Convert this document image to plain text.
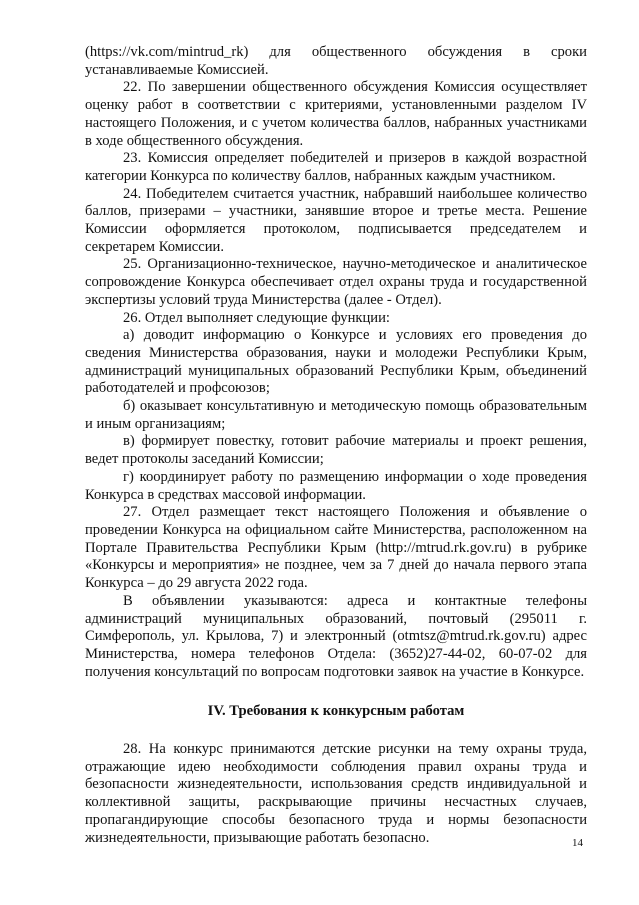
(https://vk.com/mintrud_rk) для общественного обсуждения в сроки устанавливаемые Комиссией.

22. По завершении общественного обсуждения Комиссия осуществляет оценку работ в соответствии с критериями, установленными разделом IV настоящего Положения, и с учетом количества баллов, набранных участниками в ходе общественного обсуждения.

23. Комиссия определяет победителей и призеров в каждой возрастной категории Конкурса по количеству баллов, набранных каждым участником.

24. Победителем считается участник, набравший наибольшее количество баллов, призерами – участники, занявшие второе и третье места. Решение Комиссии оформляется протоколом, подписывается председателем и секретарем Комиссии.

25. Организационно-техническое, научно-методическое и аналитическое сопровождение Конкурса обеспечивает отдел охраны труда и государственной экспертизы условий труда Министерства (далее - Отдел).

26. Отдел выполняет следующие функции:

а) доводит информацию о Конкурсе и условиях его проведения до сведения Министерства образования, науки и молодежи Республики Крым, администраций муниципальных образований Республики Крым, объединений работодателей и профсоюзов;

б) оказывает консультативную и методическую помощь образовательным и иным организациям;

в) формирует повестку, готовит рабочие материалы и проект решения, ведет протоколы заседаний Комиссии;

г) координирует работу по размещению информации о ходе проведения Конкурса в средствах массовой информации.

27. Отдел размещает текст настоящего Положения и объявление о проведении Конкурса на официальном сайте Министерства, расположенном на Портале Правительства Республики Крым (http://mtrud.rk.gov.ru) в рубрике «Конкурсы и мероприятия» не позднее, чем за 7 дней до начала первого этапа Конкурса – до 29 августа 2022 года.

В объявлении указываются: адреса и контактные телефоны администраций муниципальных образований, почтовый (295011 г. Симферополь, ул. Крылова, 7) и электронный (otmtsz@mtrud.rk.gov.ru) адрес Министерства, номера телефонов Отдела: (3652)27-44-02, 60-07-02 для получения консультаций по вопросам подготовки заявок на участие в Конкурсе.

IV. Требования к конкурсным работам

28. На конкурс принимаются детские рисунки на тему охраны труда, отражающие идею необходимости соблюдения правил охраны труда и безопасности жизнедеятельности, использования средств индивидуальной и коллективной защиты, раскрывающие причины несчастных случаев, пропагандирующие способы безопасного труда и нормы безопасности жизнедеятельности, призывающие работать безопасно.	14
